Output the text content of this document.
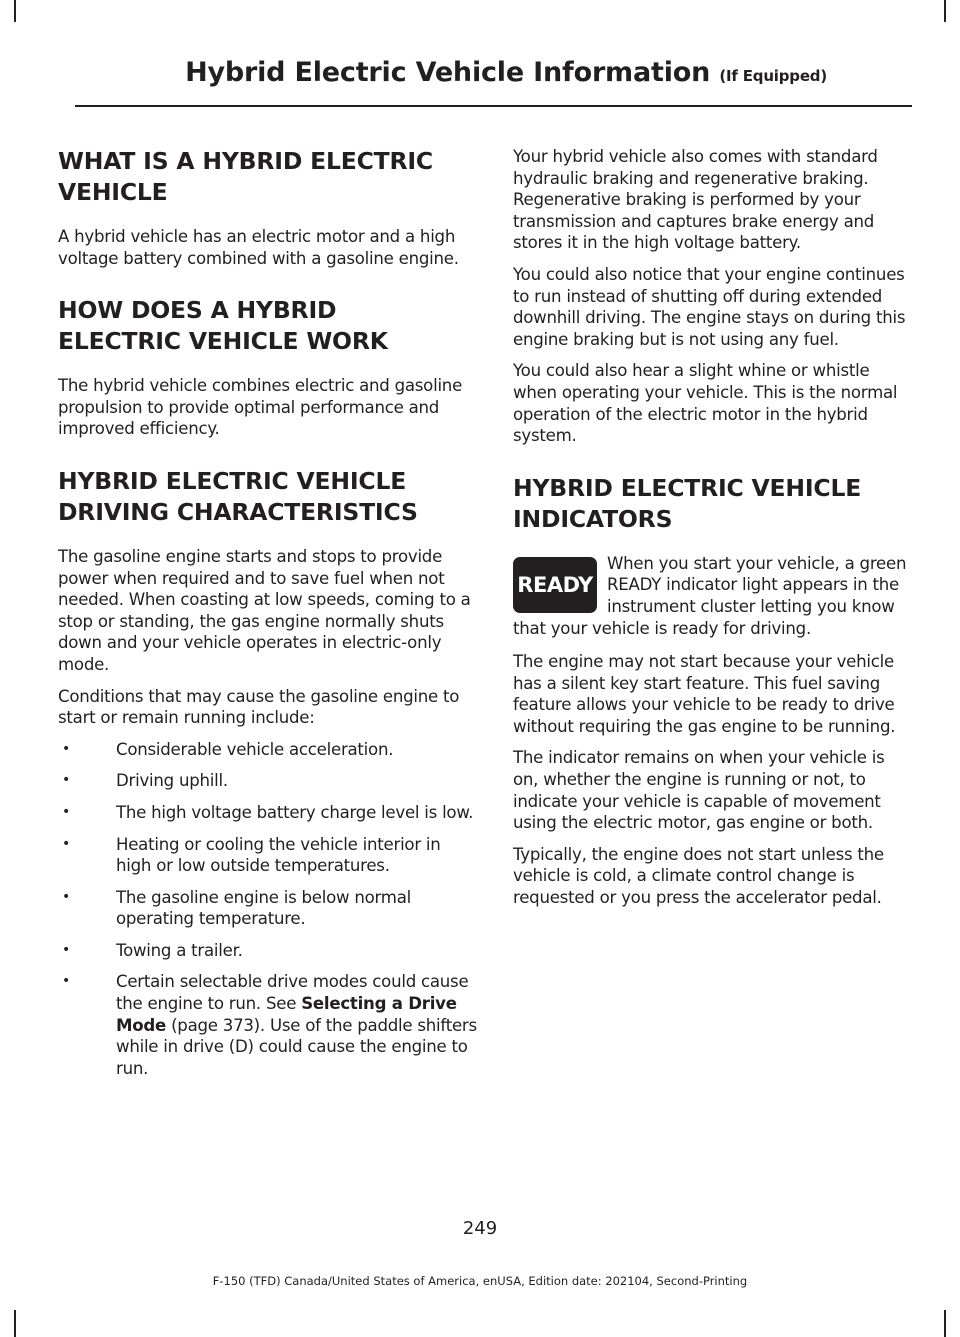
Hybrid Electric Vehicle Information (If Equipped)
WHAT IS A HYBRID ELECTRIC
VEHICLE

A hybrid vehicle has an electric motor and a high voltage battery combined with a gasoline engine.

HOW DOES A HYBRID
ELECTRIC VEHICLE WORK

The hybrid vehicle combines electric and gasoline propulsion to provide optimal performance and improved efficiency.

HYBRID ELECTRIC VEHICLE
DRIVING CHARACTERISTICS

The gasoline engine starts and stops to provide power when required and to save fuel when not needed. When coasting at low speeds, coming to a stop or standing, the gas engine normally shuts down and your vehicle operates in electric-only mode.

Conditions that may cause the gasoline engine to start or remain running include:

• Considerable vehicle acceleration.
• Driving uphill.
• The high voltage battery charge level is low.
• Heating or cooling the vehicle interior in high or low outside temperatures.
• The gasoline engine is below normal operating temperature.
• Towing a trailer.
• Certain selectable drive modes could cause the engine to run. See Selecting a Drive Mode (page 373). Use of the paddle shifters while in drive (D) could cause the engine to run.

Your hybrid vehicle also comes with standard hydraulic braking and regenerative braking. Regenerative braking is performed by your transmission and captures brake energy and stores it in the high voltage battery.

You could also notice that your engine continues to run instead of shutting off during extended downhill driving. The engine stays on during this engine braking but is not using any fuel.

You could also hear a slight whine or whistle when operating your vehicle. This is the normal operation of the electric motor in the hybrid system.

HYBRID ELECTRIC VEHICLE
INDICATORS
READY

When you start your vehicle, a green READY indicator light appears in the instrument cluster letting you know that your vehicle is ready for driving.

The engine may not start because your vehicle has a silent key start feature. This fuel saving feature allows your vehicle to be ready to drive without requiring the gas engine to be running.

The indicator remains on when your vehicle is on, whether the engine is running or not, to indicate your vehicle is capable of movement using the electric motor, gas engine or both.

Typically, the engine does not start unless the vehicle is cold, a climate control change is requested or you press the accelerator pedal.

249
F-150 (TFD) Canada/United States of America, enUSA, Edition date: 202104, Second-Printing
